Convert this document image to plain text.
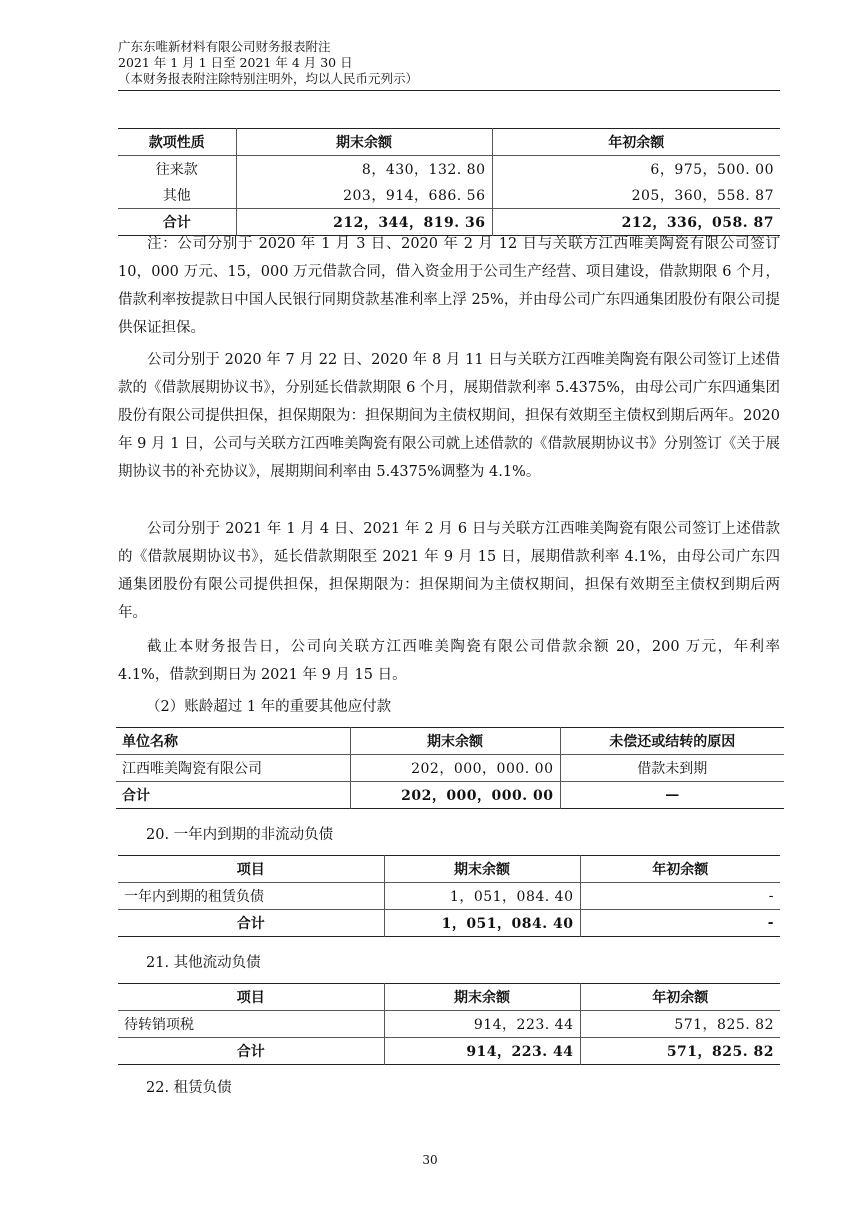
广东东唯新材料有限公司财务报表附注
2021 年 1 月 1 日至 2021 年 4 月 30 日
（本财务报表附注除特别注明外，均以人民币元列示）
款项性质	期末余额	年初余额
往来款	8，430，132. 80	6，975，500. 00
其他	203，914，686. 56	205，360，558. 87
合计	212，344，819. 36	212，336，058. 87
注：公司分别于 2020 年 1 月 3 日、2020 年 2 月 12 日与关联方江西唯美陶瓷有限公司签订 10，000 万元、15，000 万元借款合同，借入资金用于公司生产经营、项目建设，借款期限 6 个月，借款利率按提款日中国人民银行同期贷款基准利率上浮 25%，并由母公司广东四通集团股份有限公司提供保证担保。
公司分别于 2020 年 7 月 22 日、2020 年 8 月 11 日与关联方江西唯美陶瓷有限公司签订上述借款的《借款展期协议书》，分别延长借款期限 6 个月，展期借款利率 5.4375%，由母公司广东四通集团股份有限公司提供担保，担保期限为：担保期间为主债权期间，担保有效期至主债权到期后两年。2020 年 9 月 1 日，公司与关联方江西唯美陶瓷有限公司就上述借款的《借款展期协议书》分别签订《关于展期协议书的补充协议》，展期期间利率由 5.4375%调整为 4.1%。
公司分别于 2021 年 1 月 4 日、2021 年 2 月 6 日与关联方江西唯美陶瓷有限公司签订上述借款的《借款展期协议书》，延长借款期限至 2021 年 9 月 15 日，展期借款利率 4.1%，由母公司广东四通集团股份有限公司提供担保，担保期限为：担保期间为主债权期间，担保有效期至主债权到期后两年。
截止本财务报告日，公司向关联方江西唯美陶瓷有限公司借款余额 20，200 万元，年利率 4.1%，借款到期日为 2021 年 9 月 15 日。
（2）账龄超过 1 年的重要其他应付款
单位名称	期末余额	未偿还或结转的原因
江西唯美陶瓷有限公司	202，000，000. 00	借款未到期
合计	202，000，000. 00	—
20. 一年内到期的非流动负债
项目	期末余额	年初余额
一年内到期的租赁负债	1，051，084. 40	-
合计	1，051，084. 40	-
21. 其他流动负债
项目	期末余额	年初余额
待转销项税	914，223. 44	571，825. 82
合计	914，223. 44	571，825. 82
22. 租赁负债
30
